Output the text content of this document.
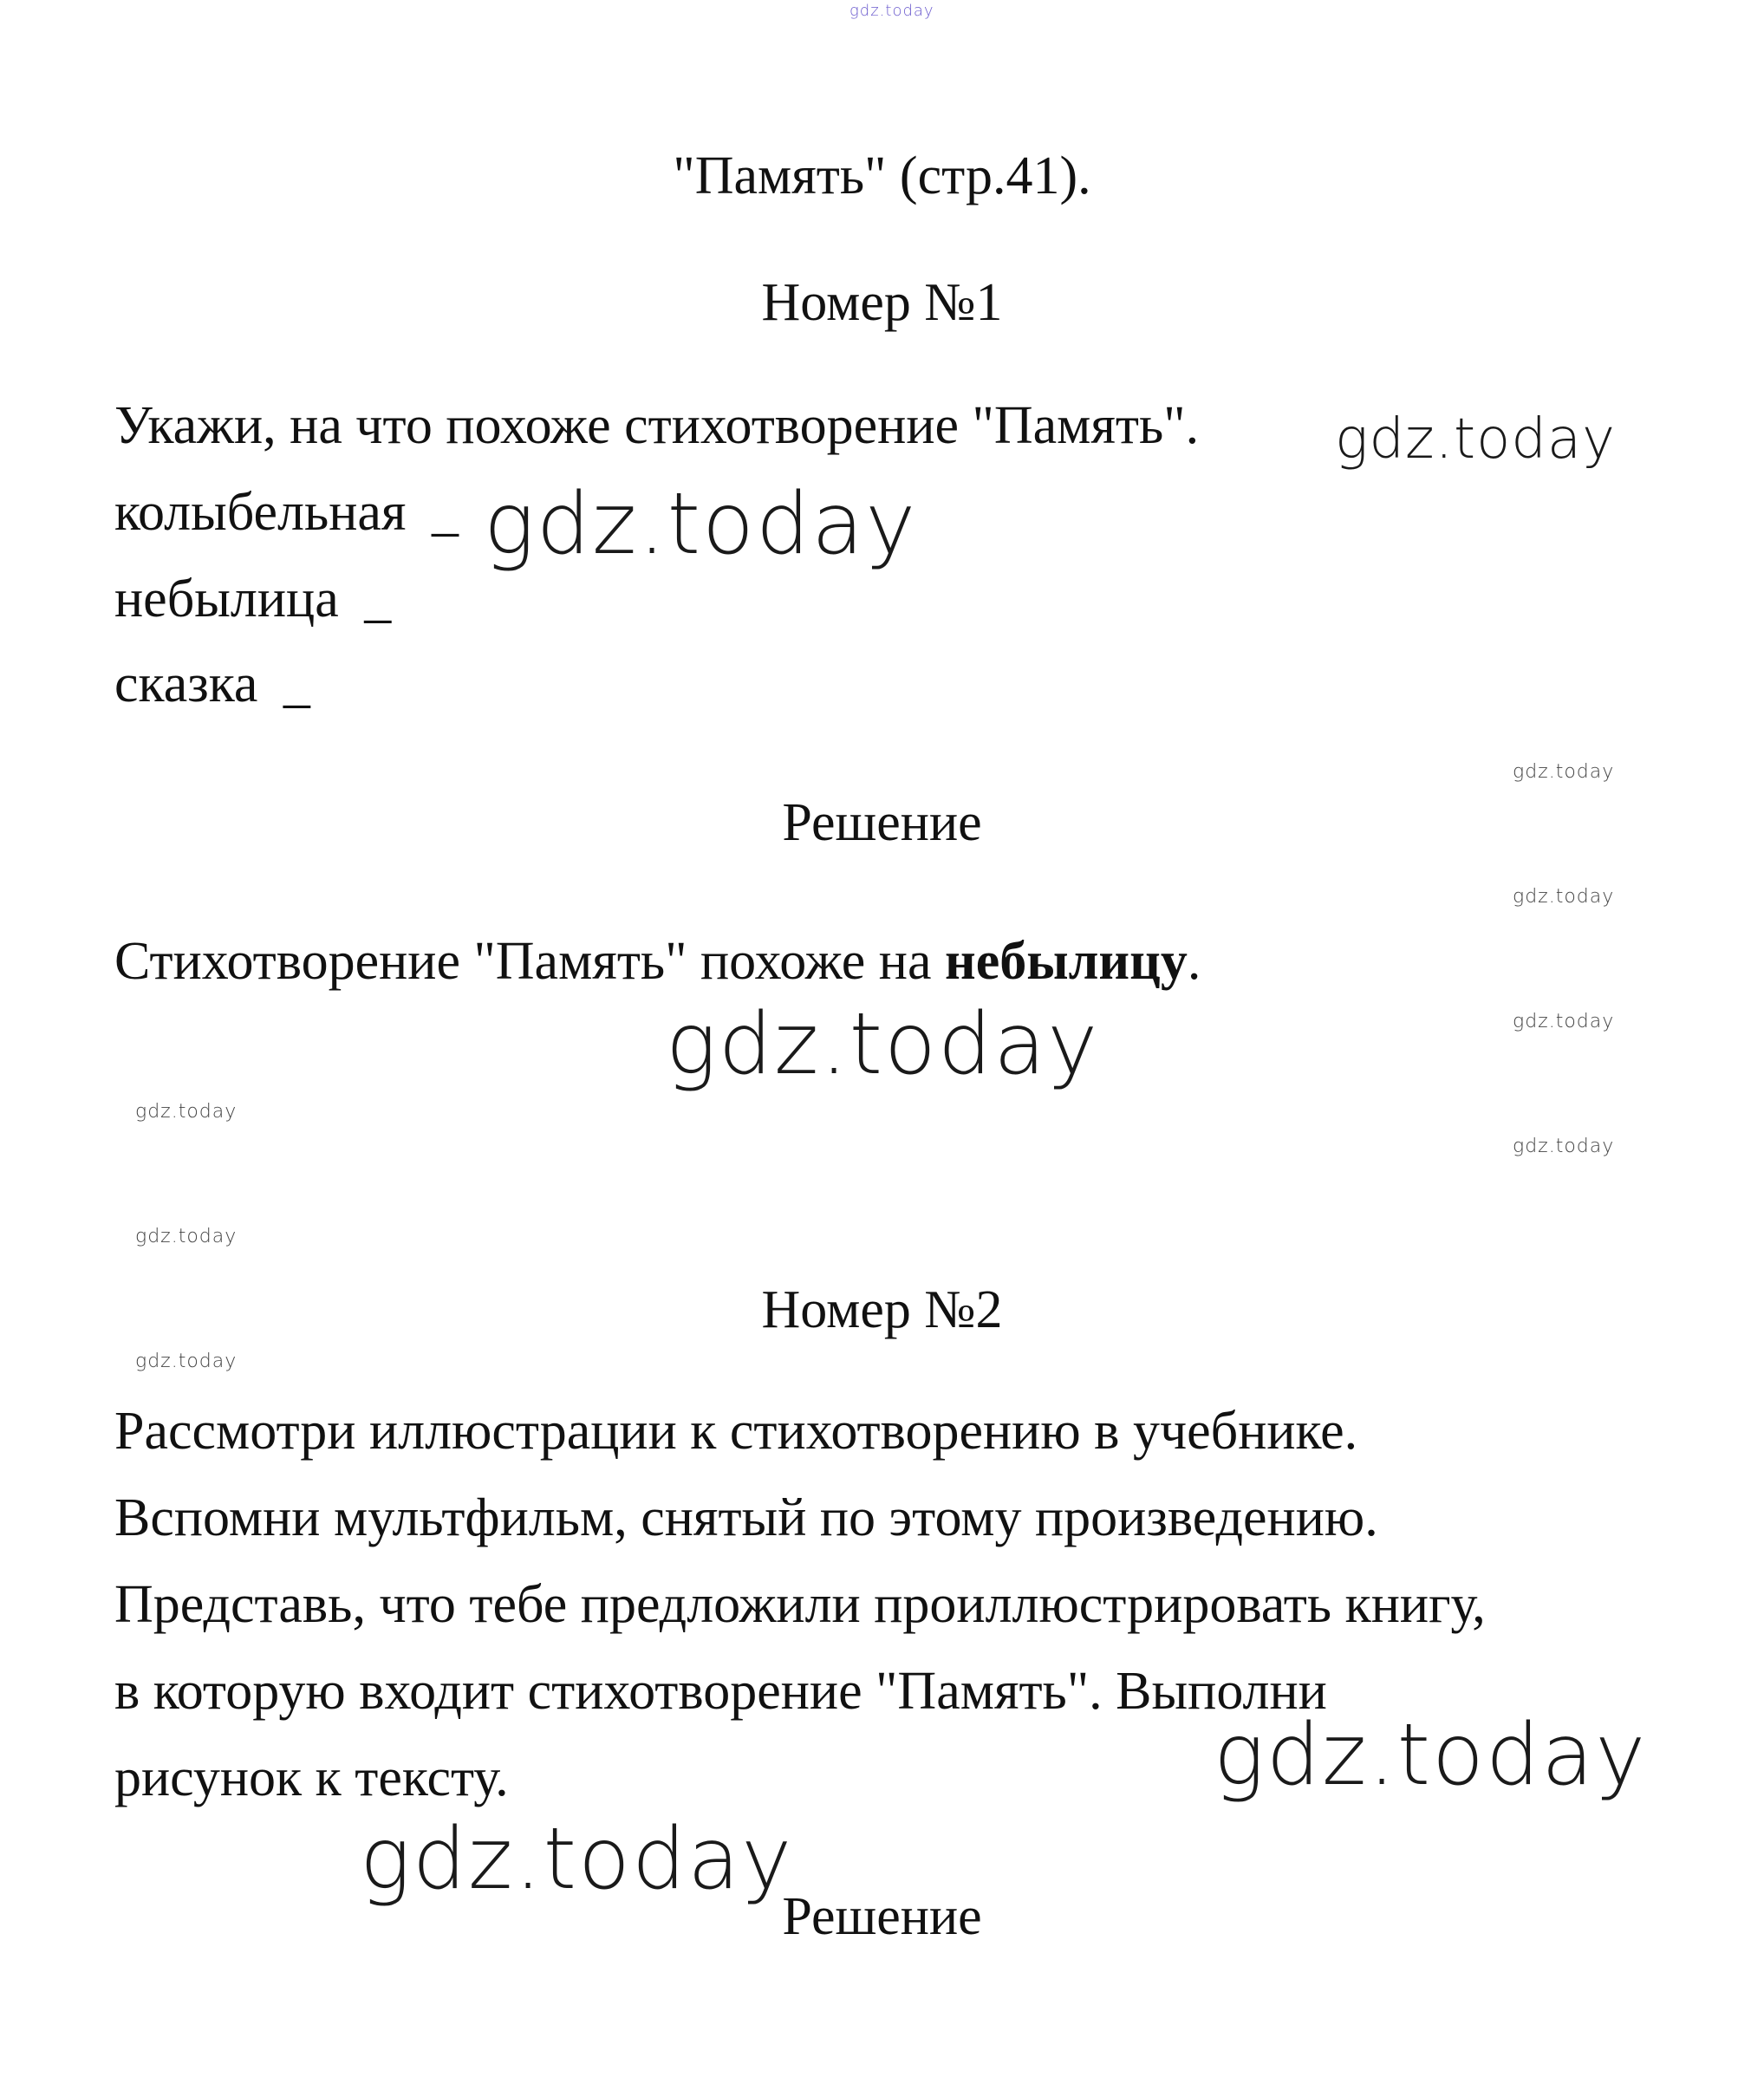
gdz.today
"Память" (стр.41).
Номер №1
Укажи, на что похоже стихотворение "Память". gdz.today
колыбельная _ gdz.today
небылица _
сказка _
gdz.today
Решение
gdz.today
Стихотворение "Память" похоже на небылицу.
gdz.today
gdz.today
gdz.today
gdz.today
gdz.today
Номер №2
gdz.today
Рассмотри иллюстрации к стихотворению в учебнике.
Вспомни мультфильм, снятый по этому произведению.
Представь, что тебе предложили проиллюстрировать книгу,
в которую входит стихотворение "Память". Выполни
рисунок к тексту.	gdz.today
gdz.today
Решение
